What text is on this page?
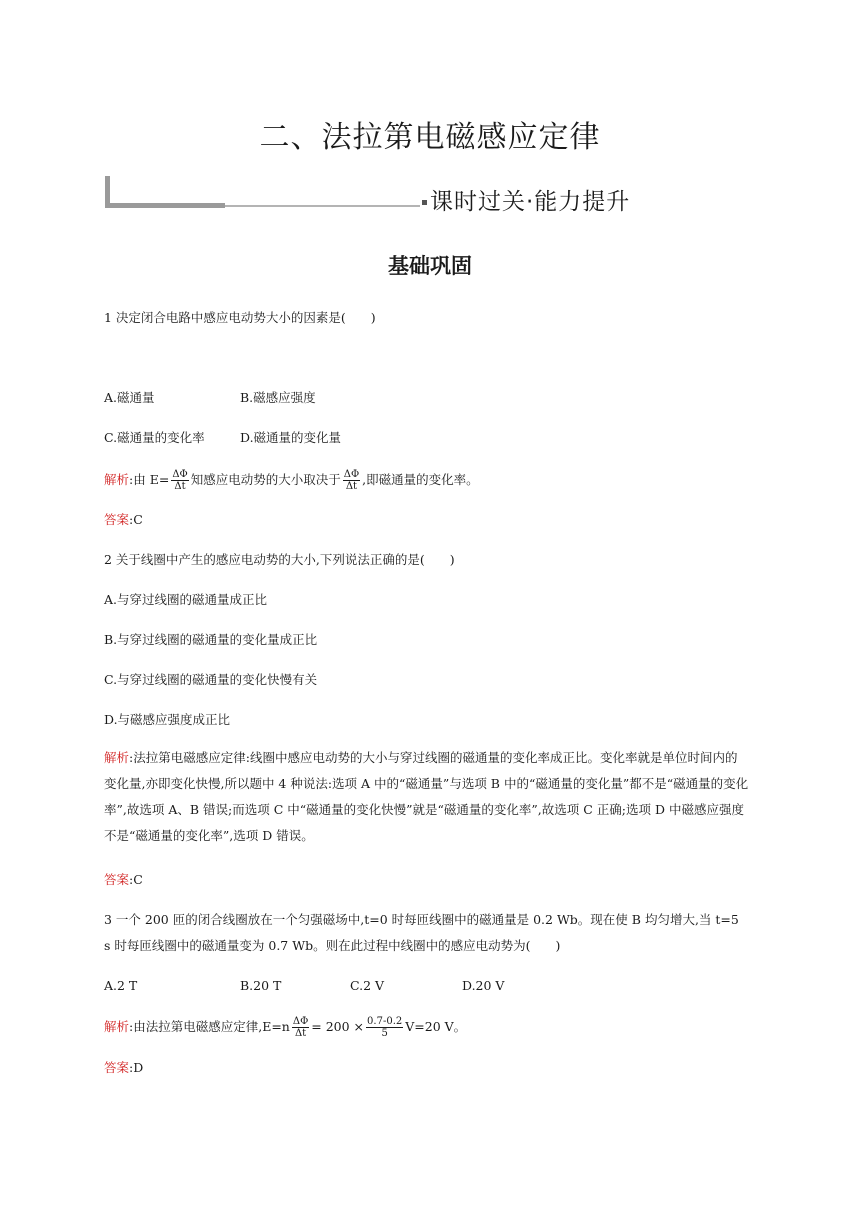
二、法拉第电磁感应定律
课时过关·能力提升
基础巩固
1 决定闭合电路中感应电动势大小的因素是(　　)
A.磁通量	B.磁感应强度
C.磁通量的变化率	D.磁通量的变化量
解析:由 $E= \frac{\Delta\Phi}{\Delta t}$ 知感应电动势的大小取决于 $\frac{\Delta\Phi}{\Delta t}$ ,即磁通量的变化率。
答案:C
2 关于线圈中产生的感应电动势的大小,下列说法正确的是(　　)
A.与穿过线圈的磁通量成正比
B.与穿过线圈的磁通量的变化量成正比
C.与穿过线圈的磁通量的变化快慢有关
D.与磁感应强度成正比
解析:法拉第电磁感应定律:线圈中感应电动势的大小与穿过线圈的磁通量的变化率成正比。变化率就是单位时间内的变化量,亦即变化快慢,所以题中 4 种说法:选项 A 中的“磁通量”与选项 B 中的“磁通量的变化量”都不是“磁通量的变化率”,故选项 A、B 错误;而选项 C 中“磁通量的变化快慢”就是“磁通量的变化率”,故选项 C 正确;选项 D 中磁感应强度不是“磁通量的变化率”,选项 D 错误。
答案:C
3 一个 200 匝的闭合线圈放在一个匀强磁场中,t=0 时每匝线圈中的磁通量是 0.2 Wb。现在使 B 均匀增大,当 t=5 s 时每匝线圈中的磁通量变为 0.7 Wb。则在此过程中线圈中的感应电动势为(　　)
A.2 T	B.20 T	C.2 V	D.20 V
解析:由法拉第电磁感应定律$,E=n \frac{\Delta\Phi}{\Delta t} = 200 \times \frac{0.7-0.2}{5} V=20$ V。
答案:D
